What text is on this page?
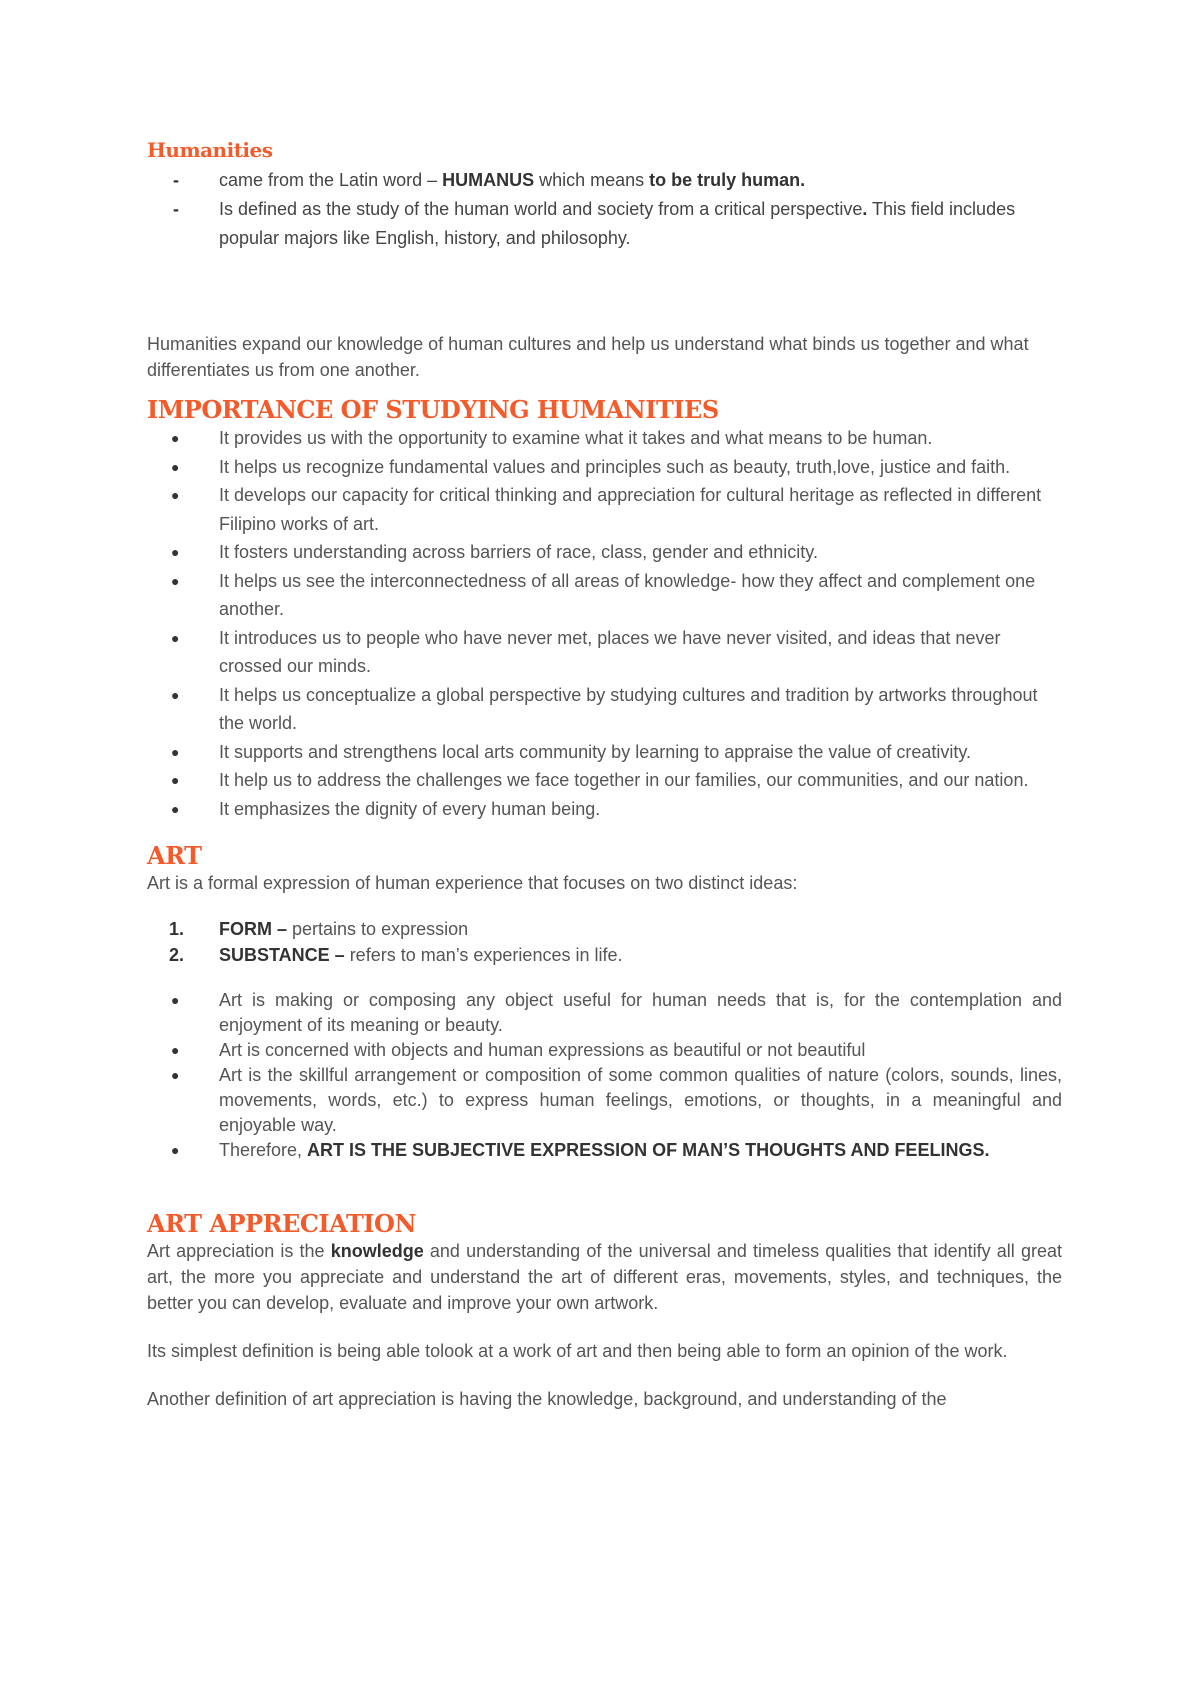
Humanities
- came from the Latin word – HUMANUS which means to be truly human.
- Is defined as the study of the human world and society from a critical perspective. This field includes popular majors like English, history, and philosophy.

Humanities expand our knowledge of human cultures and help us understand what binds us together and what differentiates us from one another.

IMPORTANCE OF STUDYING HUMANITIES
● It provides us with the opportunity to examine what it takes and what means to be human.
● It helps us recognize fundamental values and principles such as beauty, truth,love, justice and faith.
● It develops our capacity for critical thinking and appreciation for cultural heritage as reflected in different Filipino works of art.
● It fosters understanding across barriers of race, class, gender and ethnicity.
● It helps us see the interconnectedness of all areas of knowledge- how they affect and complement one another.
● It introduces us to people who have never met, places we have never visited, and ideas that never crossed our minds.
● It helps us conceptualize a global perspective by studying cultures and tradition by artworks throughout the world.
● It supports and strengthens local arts community by learning to appraise the value of creativity.
● It help us to address the challenges we face together in our families, our communities, and our nation.
● It emphasizes the dignity of every human being.
ART

Art is a formal expression of human experience that focuses on two distinct ideas:

1. FORM – pertains to expression
2. SUBSTANCE – refers to man’s experiences in life.
● Art is making or composing any object useful for human needs that is, for the contemplation and enjoyment of its meaning or beauty.
● Art is concerned with objects and human expressions as beautiful or not beautiful
● Art is the skillful arrangement or composition of some common qualities of nature (colors, sounds, lines, movements, words, etc.) to express human feelings, emotions, or thoughts, in a meaningful and enjoyable way.
● Therefore, ART IS THE SUBJECTIVE EXPRESSION OF MAN’S THOUGHTS AND FEELINGS.
ART APPRECIATION

Art appreciation is the knowledge and understanding of the universal and timeless qualities that identify all great art, the more you appreciate and understand the art of different eras, movements, styles, and techniques, the better you can develop, evaluate and improve your own artwork.

Its simplest definition is being able tolook at a work of art and then being able to form an opinion of the work.

Another definition of art appreciation is having the knowledge, background, and understanding of the
